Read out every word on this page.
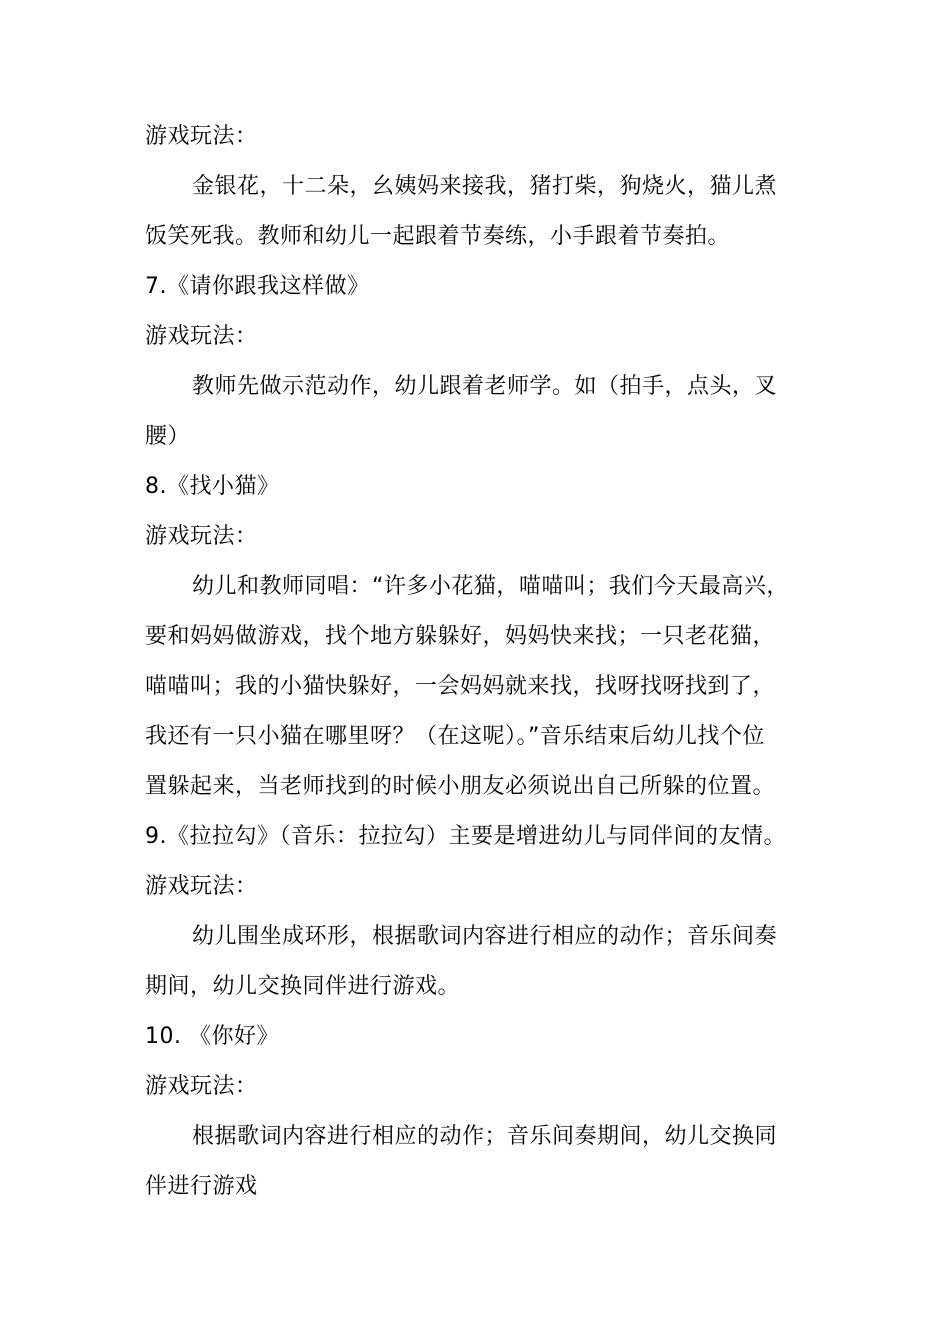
游戏玩法：
金银花，十二朵，幺姨妈来接我，猪打柴，狗烧火，猫儿煮
饭笑死我。教师和幼儿一起跟着节奏练，小手跟着节奏拍。
7.《请你跟我这样做》
游戏玩法：
教师先做示范动作，幼儿跟着老师学。如（拍手，点头，叉
腰）
8.《找小猫》
游戏玩法：
幼儿和教师同唱：“许多小花猫，喵喵叫；我们今天最高兴，
要和妈妈做游戏，找个地方躲躲好，妈妈快来找；一只老花猫，
喵喵叫；我的小猫快躲好，一会妈妈就来找，找呀找呀找到了，
我还有一只小猫在哪里呀？（在这呢）。”音乐结束后幼儿找个位
置躲起来，当老师找到的时候小朋友必须说出自己所躲的位置。
9.《拉拉勾》（音乐：拉拉勾）主要是增进幼儿与同伴间的友情。
游戏玩法：
幼儿围坐成环形，根据歌词内容进行相应的动作；音乐间奏
期间，幼儿交换同伴进行游戏。
10. 《你好》
游戏玩法：
根据歌词内容进行相应的动作；音乐间奏期间，幼儿交换同
伴进行游戏
